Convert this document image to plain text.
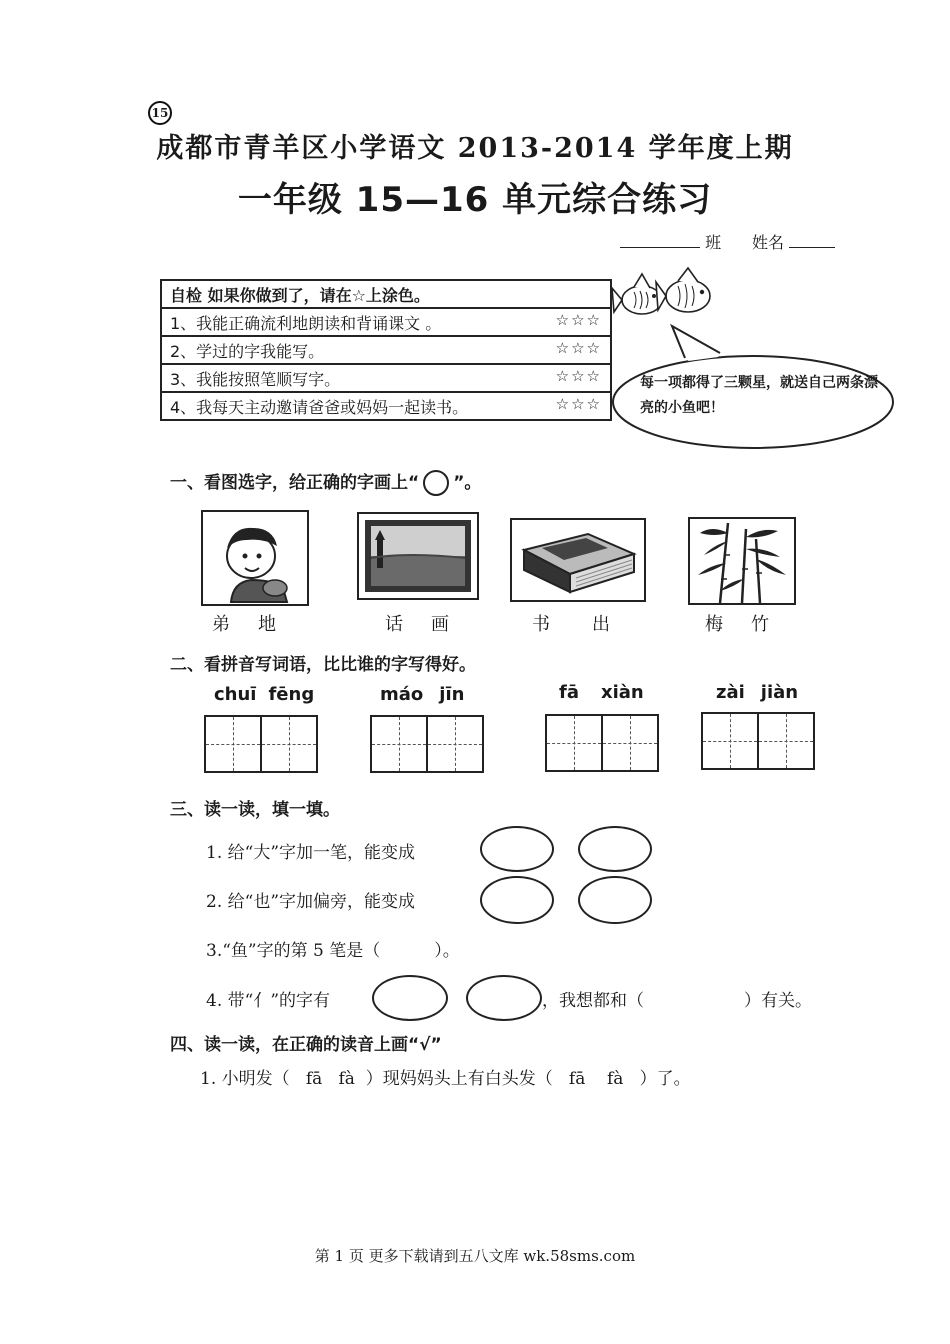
15
成都市青羊区小学语文 2013-2014 学年度上期
一年级 15—16 单元综合练习
班 姓名
自检 如果你做到了，请在☆上涂色。
1、我能正确流利地朗读和背诵课文 。	☆☆☆

2、学过的字我能写。	☆☆☆

3、我能按照笔顺写字。	☆☆☆

4、我每天主动邀请爸爸或妈妈一起读书。	☆☆☆
每一项都得了三颗星，就送自己两条漂亮的小鱼吧！
一、看图选字，给正确的字画上“ ”。
弟 地	话 画	书 出	梅 竹
二、看拼音写词语，比比谁的字写得好。
chuī fēng	máo jīn	fā xiàn	zài jiàn
三、读一读，填一填。
1. 给“大”字加一笔，能变成
2. 给“也”字加偏旁，能变成
3.“鱼”字的第 5 笔是（          ）。
4. 带“亻”的字有	，我想都和（	）有关。
四、读一读，在正确的读音上画“√”
1. 小明发（   fā   fà  ）现妈妈头上有白头发（   fā    fà   ）了。
第 1 页 更多下载请到五八文库 wk.58sms.com
